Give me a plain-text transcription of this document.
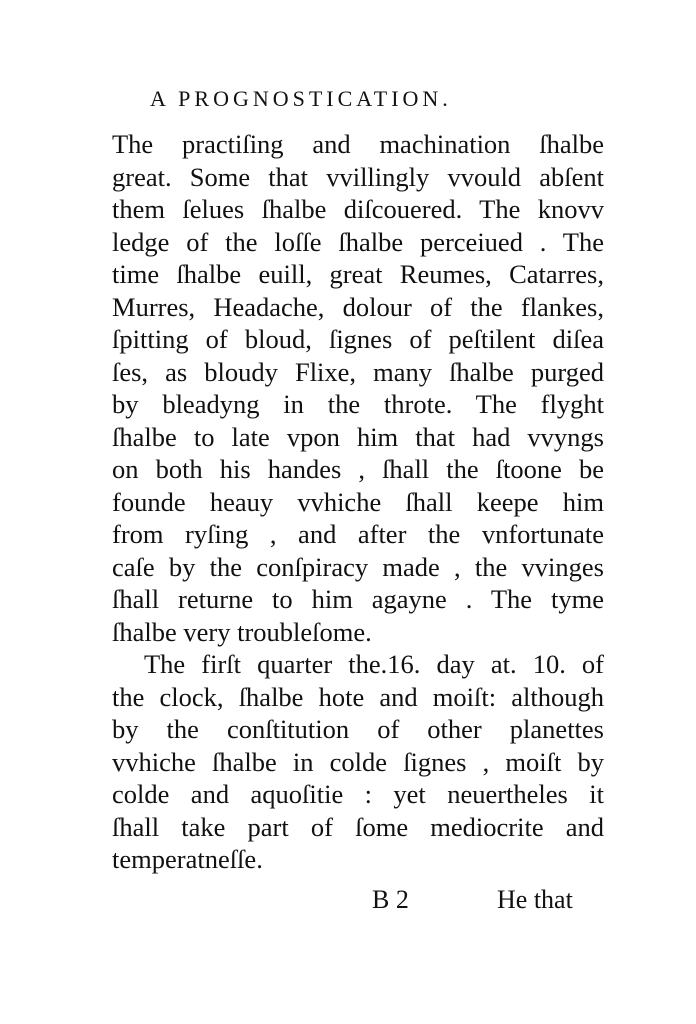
A PROGNOSTICATION.
The practiſing and machination ſhalbe
great. Some that vvillingly vvould abſent
them ſelues ſhalbe diſcouered. The knovv
ledge of the loſſe ſhalbe perceiued . The
time ſhalbe euill, great Reumes, Catarres,
Murres, Headache, dolour of the flankes,
ſpitting of bloud, ſignes of peſtilent diſea
ſes, as bloudy Flixe, many ſhalbe purged
by bleadyng in the throte. The flyght
ſhalbe to late vpon him that had vvyngs
on both his handes , ſhall the ſtoone be
founde heauy vvhiche ſhall keepe him
from ryſing , and after the vnfortunate
caſe by the conſpiracy made , the vvinges
ſhall returne to him agayne . The tyme
ſhalbe very troubleſome.
The firſt quarter the.16. day at. 10. of
the clock, ſhalbe hote and moiſt: although
by the conſtitution of other planettes
vvhiche ſhalbe in colde ſignes , moiſt by
colde and aquoſitie : yet neuertheles it
ſhall take part of ſome mediocrite and
temperatneſſe.
B 2	He that
